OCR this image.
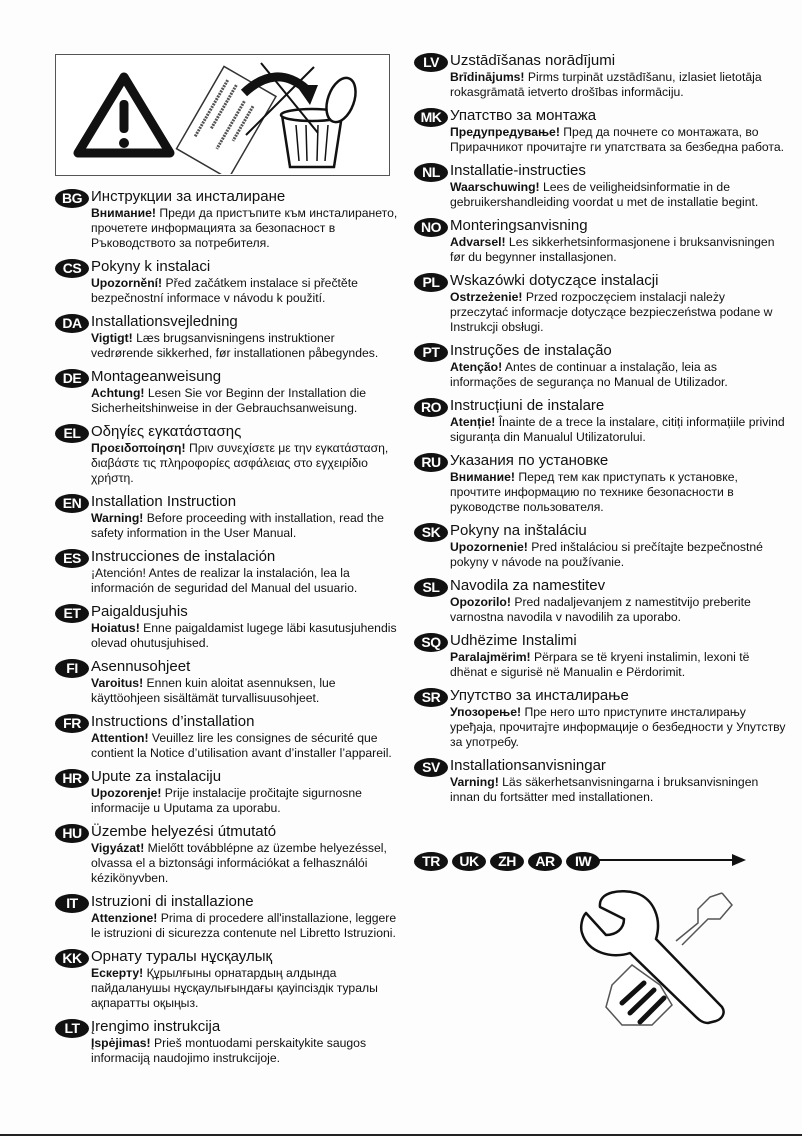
BG Инструкции за инсталиране
Внимание! Преди да пристъпите към инсталирането, прочетете информацията за безопасност в Ръководството за потребителя.
CS Pokyny k instalaci
Upozornění! Před začátkem instalace si přečtěte bezpečnostní informace v návodu k použití.
DA Installationsvejledning
Vigtigt! Læs brugsanvisningens instruktioner vedrørende sikkerhed, før installationen påbegyndes.
DE Montageanweisung
Achtung! Lesen Sie vor Beginn der Installation die Sicherheitshinweise in der Gebrauchsanweisung.
EL Οδηγίες εγκατάστασης
Προειδοποίηση! Πριν συνεχίσετε με την εγκατάσταση, διαβάστε τις πληροφορίες ασφάλειας στο εγχειρίδιο χρήστη.
EN Installation Instruction
Warning! Before proceeding with installation, read the safety information in the User Manual.
ES Instrucciones de instalación
¡Atención! Antes de realizar la instalación, lea la información de seguridad del Manual del usuario.
ET Paigaldusjuhis
Hoiatus! Enne paigaldamist lugege läbi kasutusjuhendis olevad ohutusjuhised.
FI Asennusohjeet
Varoitus! Ennen kuin aloitat asennuksen, lue käyttöohjeen sisältämät turvallisuusohjeet.
FR Instructions d’installation
Attention! Veuillez lire les consignes de sécurité que contient la Notice d’utilisation avant d’installer l’appareil.
HR Upute za instalaciju
Upozorenje! Prije instalacije pročitajte sigurnosne informacije u Uputama za uporabu.
HU Üzembe helyezési útmutató
Vigyázat! Mielőtt továbblépne az üzembe helyezéssel, olvassa el a biztonsági információkat a felhasználói kézikönyvben.
IT Istruzioni di installazione
Attenzione! Prima di procedere all'installazione, leggere le istruzioni di sicurezza contenute nel Libretto Istruzioni.
KK Орнату туралы нұсқаулық
Ескерту! Құрылғыны орнатардың алдында пайдаланушы нұсқаулығындағы қауіпсіздік туралы ақпаратты оқыңыз.
LT Įrengimo instrukcija
Įspėjimas! Prieš montuodami perskaitykite saugos informaciją naudojimo instrukcijoje.
LV Uzstādīšanas norādījumi
Brīdinājums! Pirms turpināt uzstādīšanu, izlasiet lietotāja rokasgrāmatā ietverto drošības informāciju.
MK Упатство за монтажа
Предупредување! Пред да почнете со монтажата, во Прирачникот прочитајте ги упатствата за безбедна работа.
NL Installatie-instructies
Waarschuwing! Lees de veiligheidsinformatie in de gebruikershandleiding voordat u met de installatie begint.
NO Monteringsanvisning
Advarsel! Les sikkerhetsinformasjonene i bruksanvisningen før du begynner installasjonen.
PL Wskazówki dotyczące instalacji
Ostrzeżenie! Przed rozpoczęciem instalacji należy przeczytać informacje dotyczące bezpieczeństwa podane w Instrukcji obsługi.
PT Instruções de instalação
Atenção! Antes de continuar a instalação, leia as informações de segurança no Manual de Utilizador.
RO Instrucțiuni de instalare
Atenție! Înainte de a trece la instalare, citiți informațiile privind siguranța din Manualul Utilizatorului.
RU Указания по установке
Внимание! Перед тем как приступать к установке, прочтите информацию по технике безопасности в руководстве пользователя.
SK Pokyny na inštaláciu
Upozornenie! Pred inštaláciou si prečítajte bezpečnostné pokyny v návode na používanie.
SL Navodila za namestitev
Opozorilo! Pred nadaljevanjem z namestitvijo preberite varnostna navodila v navodilih za uporabo.
SQ Udhëzime Instalimi
Paralajmërim! Përpara se të kryeni instalimin, lexoni të dhënat e sigurisë në Manualin e Përdorimit.
SR Упутство за инсталирање
Упозорење! Пре него што приступите инсталирању уређаја, прочитајте информације о безбедности у Упутству за употребу.
SV Installationsanvisningar
Varning! Läs säkerhetsanvisningarna i bruksanvisningen innan du fortsätter med installationen.
TR	UK	ZH	AR	IW
